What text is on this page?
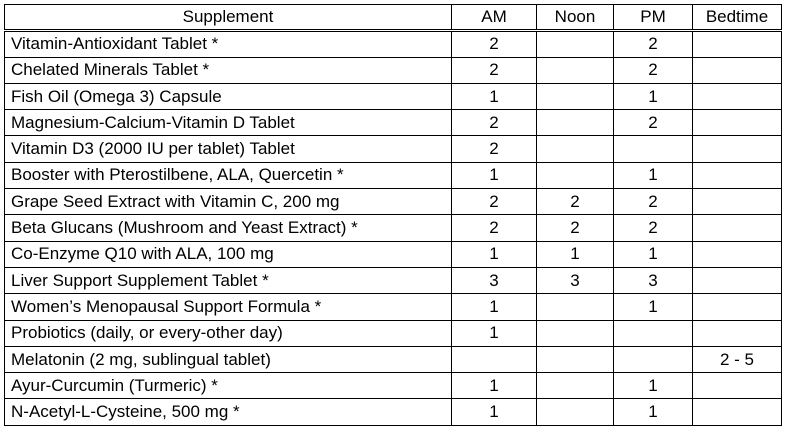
Supplement	AM	Noon	PM	Bedtime
Vitamin-Antioxidant Tablet *	2		2	
Chelated Minerals Tablet *	2		2	
Fish Oil (Omega 3) Capsule	1		1	
Magnesium-Calcium-Vitamin D Tablet	2		2	
Vitamin D3 (2000 IU per tablet) Tablet	2			
Booster with Pterostilbene, ALA, Quercetin *	1		1	
Grape Seed Extract with Vitamin C, 200 mg	2	2	2	
Beta Glucans (Mushroom and Yeast Extract) *	2	2	2	
Co-Enzyme Q10 with ALA, 100 mg	1	1	1	
Liver Support Supplement Tablet *	3	3	3	
Women’s Menopausal Support Formula *	1		1	
Probiotics (daily, or every-other day)	1			
Melatonin (2 mg, sublingual tablet)				2 - 5
Ayur-Curcumin (Turmeric) *	1		1	
N-Acetyl-L-Cysteine, 500 mg *	1		1	
